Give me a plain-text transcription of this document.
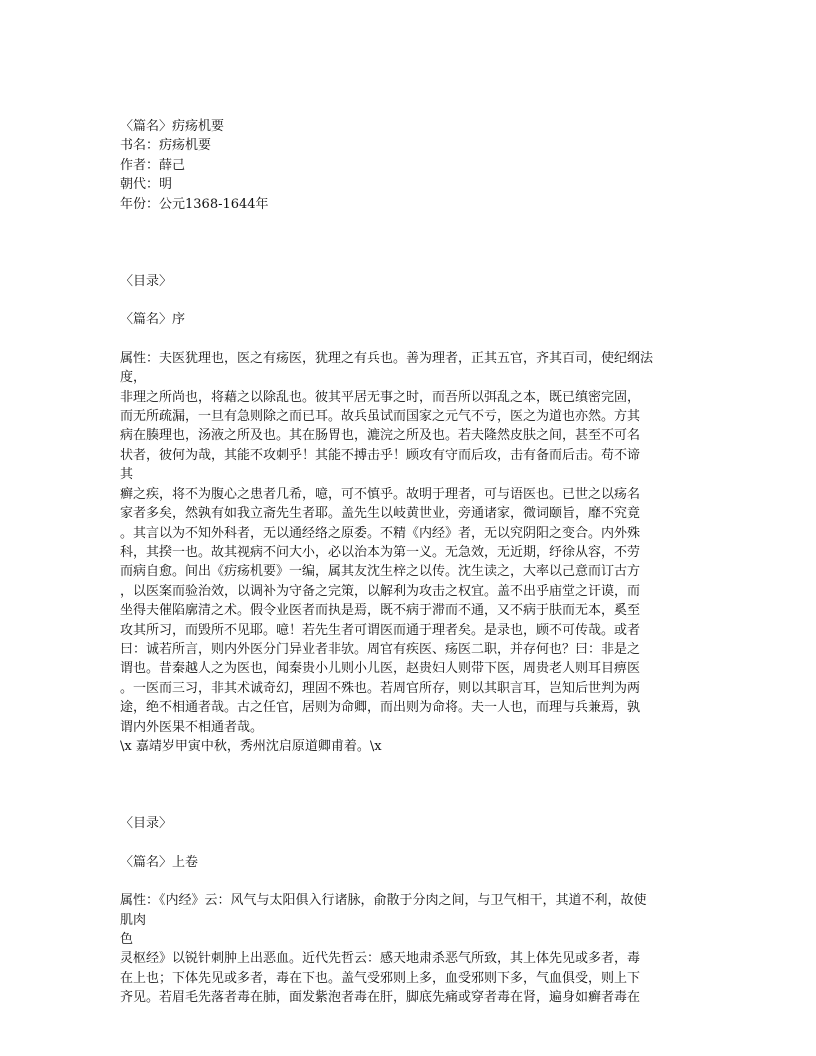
〈篇名〉疠疡机要
书名：疠疡机要
作者：薛己
朝代：明
年份：公元1368-1644年
〈目录〉
〈篇名〉序
属性：夫医犹理也，医之有疡医，犹理之有兵也。善为理者，正其五官，齐其百司，使纪纲法
度，
非理之所尚也，将藉之以除乱也。彼其平居无事之时，而吾所以弭乱之本，既已缜密完固，
而无所疏漏，一旦有急则除之而已耳。故兵虽试而国家之元气不亏，医之为道也亦然。方其
病在腠理也，汤液之所及也。其在肠胃也，漉浣之所及也。若夫隆然皮肤之间，甚至不可名
状者，彼何为哉，其能不攻刺乎！其能不搏击乎！顾攻有守而后攻，击有备而后击。苟不谛
其
癣之疾，将不为腹心之患者几希，噫，可不慎乎。故明于理者，可与语医也。已世之以疡名
家者多矣，然孰有如我立斋先生者耶。盖先生以岐黄世业，旁通诸家，微词颐旨，靡不究竟
。其言以为不知外科者，无以通经络之原委。不精《内经》者，无以究阴阳之变合。内外殊
科，其揆一也。故其视病不问大小，必以治本为第一义。无急效，无近期，纾徐从容，不劳
而病自愈。间出《疠疡机要》一编，属其友沈生梓之以传。沈生读之，大率以己意而订古方
，以医案而验治效，以调补为守备之完策，以解利为攻击之权宜。盖不出乎庙堂之讦谟，而
坐得夫催陷廓清之术。假令业医者而执是焉，既不病于滞而不通，又不病于肤而无本，奚至
攻其所习，而毁所不见耶。噫！若先生者可谓医而通于理者矣。是录也，顾不可传哉。或者
曰：诚若所言，则内外医分门异业者非欤。周官有疾医、疡医二职，并存何也？曰：非是之
谓也。昔秦越人之为医也，闻秦贵小儿则小儿医，赵贵妇人则带下医，周贵老人则耳目痹医
。一医而三习，非其术诚奇幻，理固不殊也。若周官所存，则以其职言耳，岂知后世判为两
途，绝不相通者哉。古之任官，居则为命卿，而出则为命将。夫一人也，而理与兵兼焉，孰
谓内外医果不相通者哉。
\x 嘉靖岁甲寅中秋，秀州沈启原道卿甫着。\x
〈目录〉
〈篇名〉上卷
属性：《内经》云：风气与太阳俱入行诸脉，俞散于分肉之间，与卫气相干，其道不利，故使
肌肉
色
灵枢经》以锐针刺肿上出恶血。近代先哲云：感天地肃杀恶气所致，其上体先见或多者，毒
在上也；下体先见或多者，毒在下也。盖气受邪则上多，血受邪则下多，气血俱受，则上下
齐见。若眉毛先落者毒在肺，面发紫泡者毒在肝，脚底先痛或穿者毒在肾，遍身如癣者毒在
